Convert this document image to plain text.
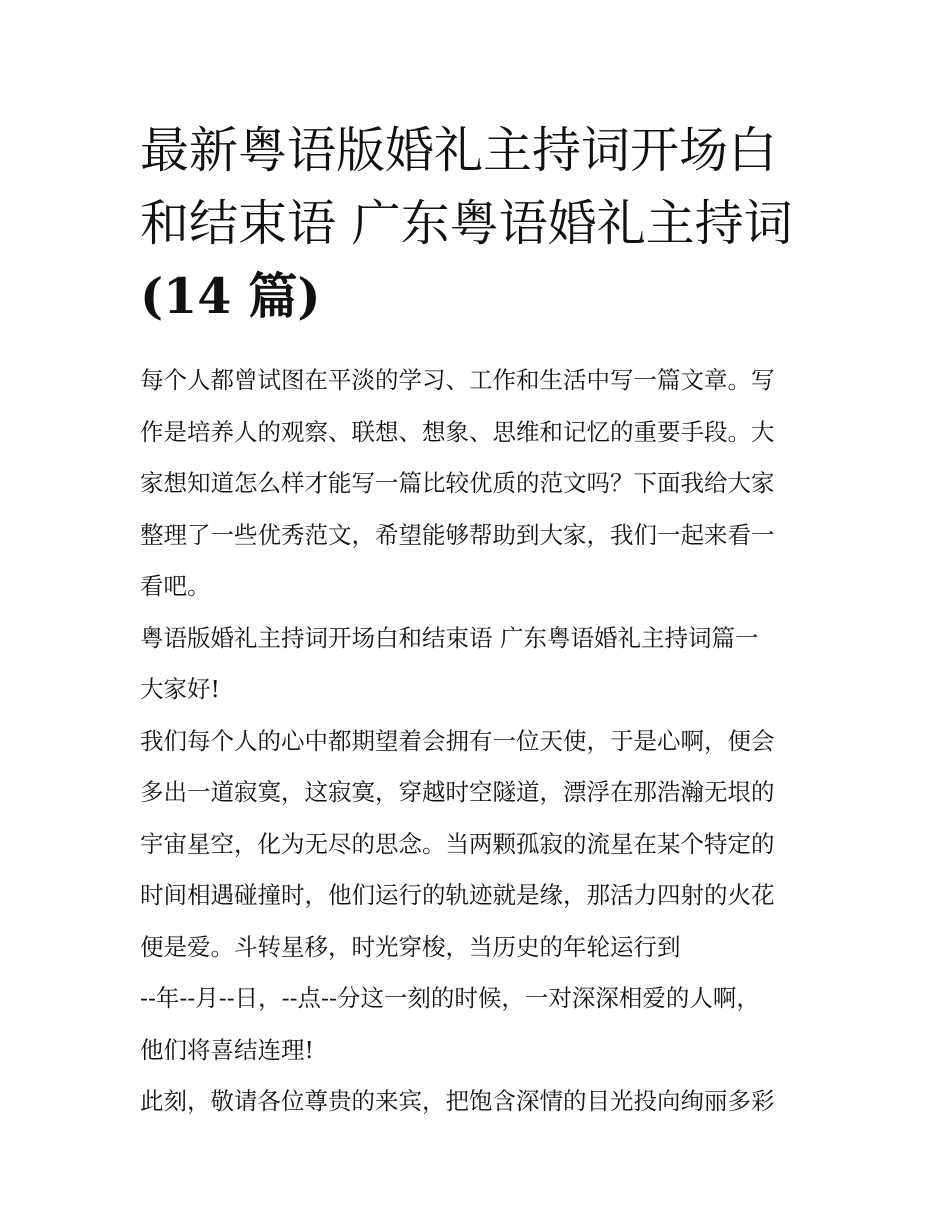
最新粤语版婚礼主持词开场白
和结束语 广东粤语婚礼主持词
(14 篇)

每个人都曾试图在平淡的学习、工作和生活中写一篇文章。写
作是培养人的观察、联想、想象、思维和记忆的重要手段。大
家想知道怎么样才能写一篇比较优质的范文吗？下面我给大家
整理了一些优秀范文，希望能够帮助到大家，我们一起来看一
看吧。

粤语版婚礼主持词开场白和结束语 广东粤语婚礼主持词篇一

大家好!

我们每个人的心中都期望着会拥有一位天使，于是心啊，便会
多出一道寂寞，这寂寞，穿越时空隧道，漂浮在那浩瀚无垠的
宇宙星空，化为无尽的思念。当两颗孤寂的流星在某个特定的
时间相遇碰撞时，他们运行的轨迹就是缘，那活力四射的火花
便是爱。斗转星移，时光穿梭，当历史的年轮运行到

--年--月--日，--点--分这一刻的时候，一对深深相爱的人啊，
他们将喜结连理!

此刻，敬请各位尊贵的来宾，把饱含深情的目光投向绚丽多彩
